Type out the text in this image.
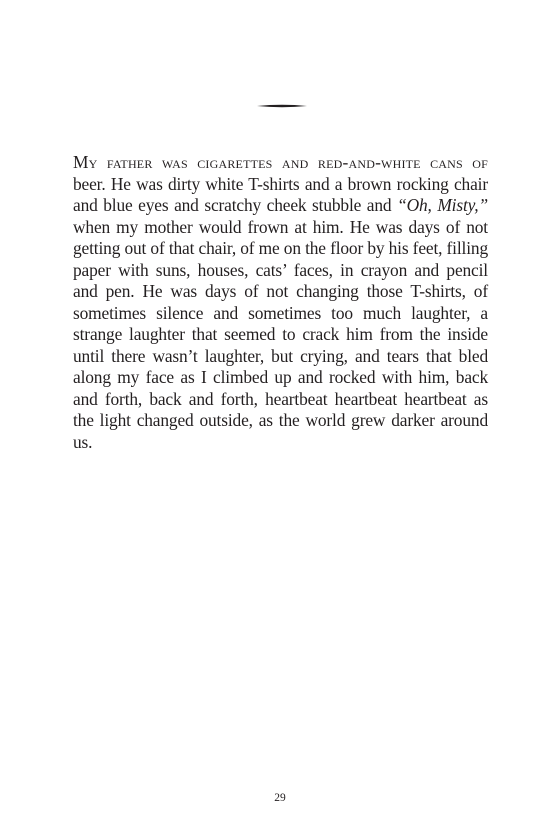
My father was cigarettes and red-and-white cans of beer. He was dirty white T-shirts and a brown rocking chair and blue eyes and scratchy cheek stubble and “Oh, Misty,” when my mother would frown at him. He was days of not getting out of that chair, of me on the floor by his feet, filling paper with suns, houses, cats’ faces, in crayon and pencil and pen. He was days of not changing those T-shirts, of sometimes silence and sometimes too much laughter, a strange laughter that seemed to crack him from the inside until there wasn’t laughter, but crying, and tears that bled along my face as I climbed up and rocked with him, back and forth, back and forth, heartbeat heartbeat heartbeat as the light changed outside, as the world grew darker around us.

29
